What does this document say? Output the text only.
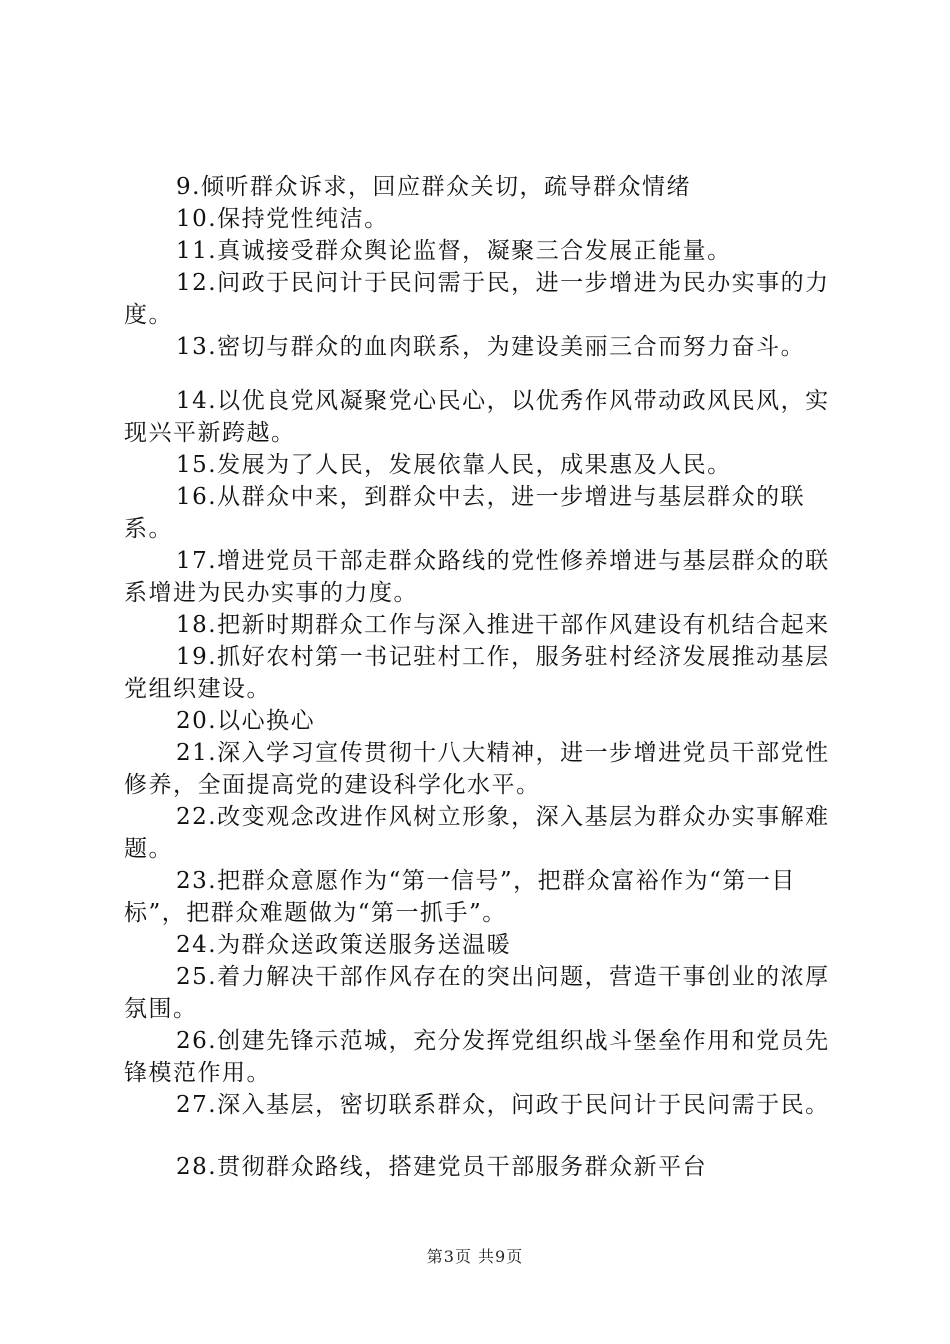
9.倾听群众诉求，回应群众关切，疏导群众情绪

10.保持党性纯洁。

11.真诚接受群众舆论监督，凝聚三合发展正能量。

12.问政于民问计于民问需于民，进一步增进为民办实事的力度。

13.密切与群众的血肉联系，为建设美丽三合而努力奋斗。

14.以优良党风凝聚党心民心，以优秀作风带动政风民风，实现兴平新跨越。

15.发展为了人民，发展依靠人民，成果惠及人民。

16.从群众中来，到群众中去，进一步增进与基层群众的联系。

17.增进党员干部走群众路线的党性修养增进与基层群众的联系增进为民办实事的力度。

18.把新时期群众工作与深入推进干部作风建设有机结合起来

19.抓好农村第一书记驻村工作，服务驻村经济发展推动基层党组织建设。

20.以心换心

21.深入学习宣传贯彻十八大精神，进一步增进党员干部党性修养，全面提高党的建设科学化水平。

22.改变观念改进作风树立形象，深入基层为群众办实事解难题。

23.把群众意愿作为“第一信号”，把群众富裕作为“第一目标”，把群众难题做为“第一抓手”。

24.为群众送政策送服务送温暖

25.着力解决干部作风存在的突出问题，营造干事创业的浓厚氛围。

26.创建先锋示范城，充分发挥党组织战斗堡垒作用和党员先锋模范作用。

27.深入基层，密切联系群众，问政于民问计于民问需于民。

28.贯彻群众路线，搭建党员干部服务群众新平台

第3页 共9页
